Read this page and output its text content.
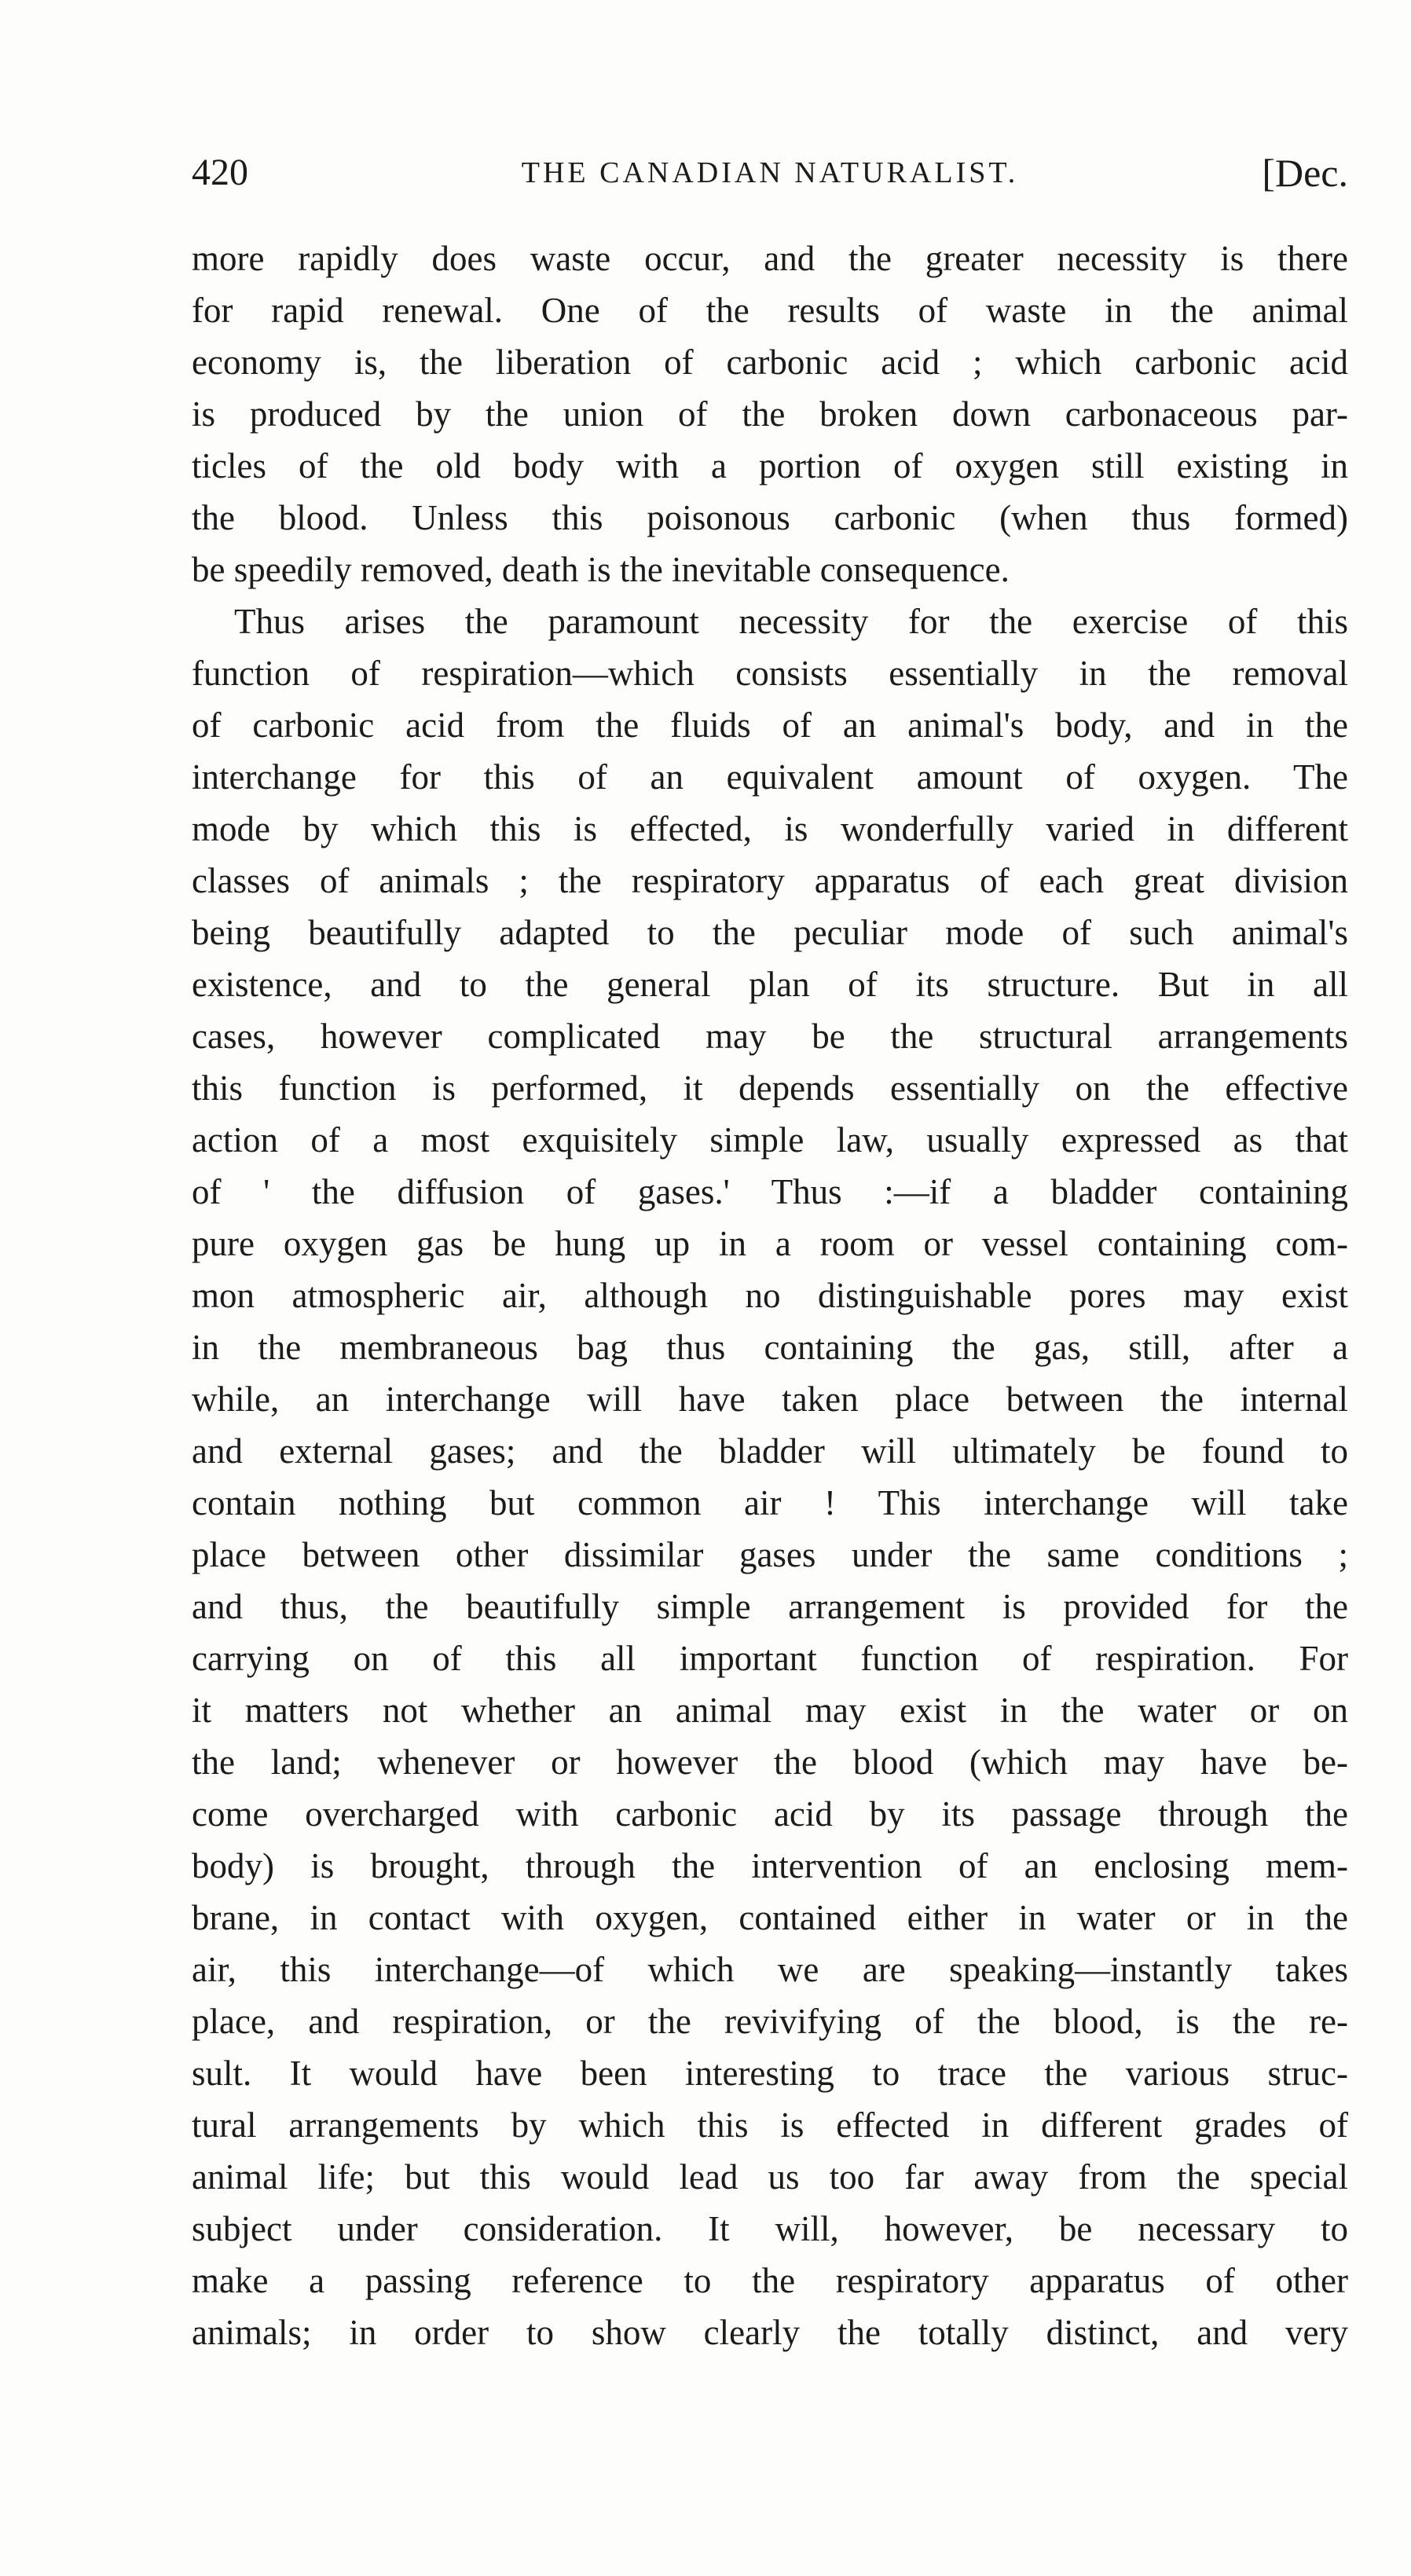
420	THE CANADIAN NATURALIST.	[Dec.
more rapidly does waste occur, and the greater necessity is there
for rapid renewal. One of the results of waste in the animal
economy is, the liberation of carbonic acid ; which carbonic acid
is produced by the union of the broken down carbonaceous par-
ticles of the old body with a portion of oxygen still existing in
the blood. Unless this poisonous carbonic (when thus formed)
be speedily removed, death is the inevitable consequence.
Thus arises the paramount necessity for the exercise of this
function of respiration—which consists essentially in the removal
of carbonic acid from the fluids of an animal's body, and in the
interchange for this of an equivalent amount of oxygen. The
mode by which this is effected, is wonderfully varied in different
classes of animals ; the respiratory apparatus of each great division
being beautifully adapted to the peculiar mode of such animal's
existence, and to the general plan of its structure. But in all
cases, however complicated may be the structural arrangements
this function is performed, it depends essentially on the effective
action of a most exquisitely simple law, usually expressed as that
of ' the diffusion of gases.' Thus :—if a bladder containing
pure oxygen gas be hung up in a room or vessel containing com-
mon atmospheric air, although no distinguishable pores may exist
in the membraneous bag thus containing the gas, still, after a
while, an interchange will have taken place between the internal
and external gases; and the bladder will ultimately be found to
contain nothing but common air ! This interchange will take
place between other dissimilar gases under the same conditions ;
and thus, the beautifully simple arrangement is provided for the
carrying on of this all important function of respiration. For
it matters not whether an animal may exist in the water or on
the land; whenever or however the blood (which may have be-
come overcharged with carbonic acid by its passage through the
body) is brought, through the intervention of an enclosing mem-
brane, in contact with oxygen, contained either in water or in the
air, this interchange—of which we are speaking—instantly takes
place, and respiration, or the revivifying of the blood, is the re-
sult. It would have been interesting to trace the various struc-
tural arrangements by which this is effected in different grades of
animal life; but this would lead us too far away from the special
subject under consideration. It will, however, be necessary to
make a passing reference to the respiratory apparatus of other
animals; in order to show clearly the totally distinct, and very
